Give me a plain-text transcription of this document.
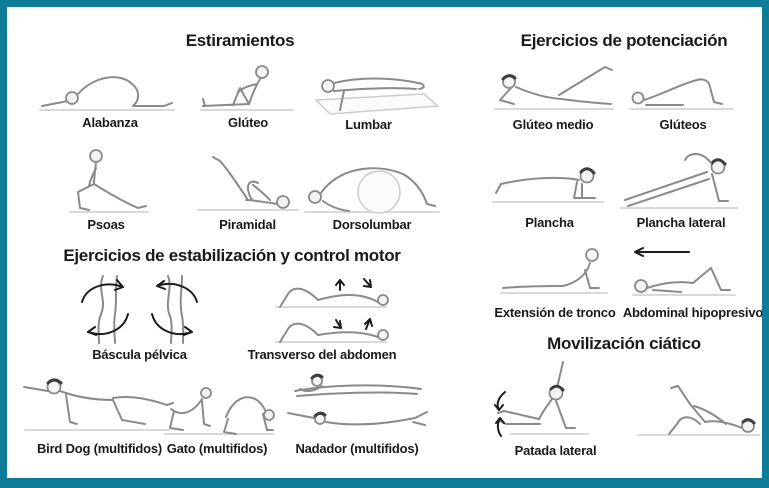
Estiramientos	Ejercicios de potenciación
Ejercicios de estabilización y control motor
Movilización ciático
Alabanza	Glúteo	Lumbar
Psoas	Piramidal	Dorsolumbar
Glúteo medio	Glúteos
Plancha	Plancha lateral
Extensión de tronco Abdominal hipopresivo
Báscula pélvica	Transverso del abdomen
Bird Dog (multifidos) Gato (multifidos)	Nadador (multifidos)	Patada lateral
